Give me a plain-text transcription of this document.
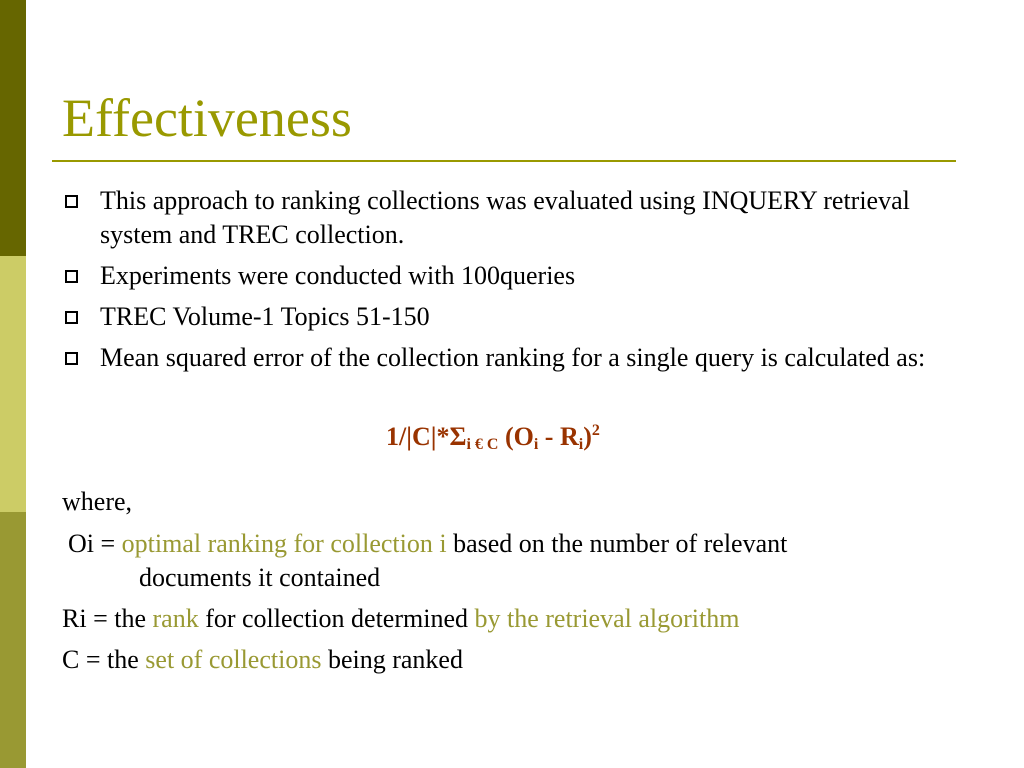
Effectiveness
This approach to ranking collections was evaluated using INQUERY retrieval system and TREC collection.
Experiments were conducted with 100queries
TREC Volume-1 Topics 51-150
Mean squared error of the collection ranking for a single query is calculated as:
$1/|C|*\Sigma_{i € C}$ $(O_i - R_i)^2$
where,
Oi = optimal ranking for collection i based on the number of relevant
documents it contained
Ri = the rank for collection determined by the retrieval algorithm
C = the set of collections being ranked
